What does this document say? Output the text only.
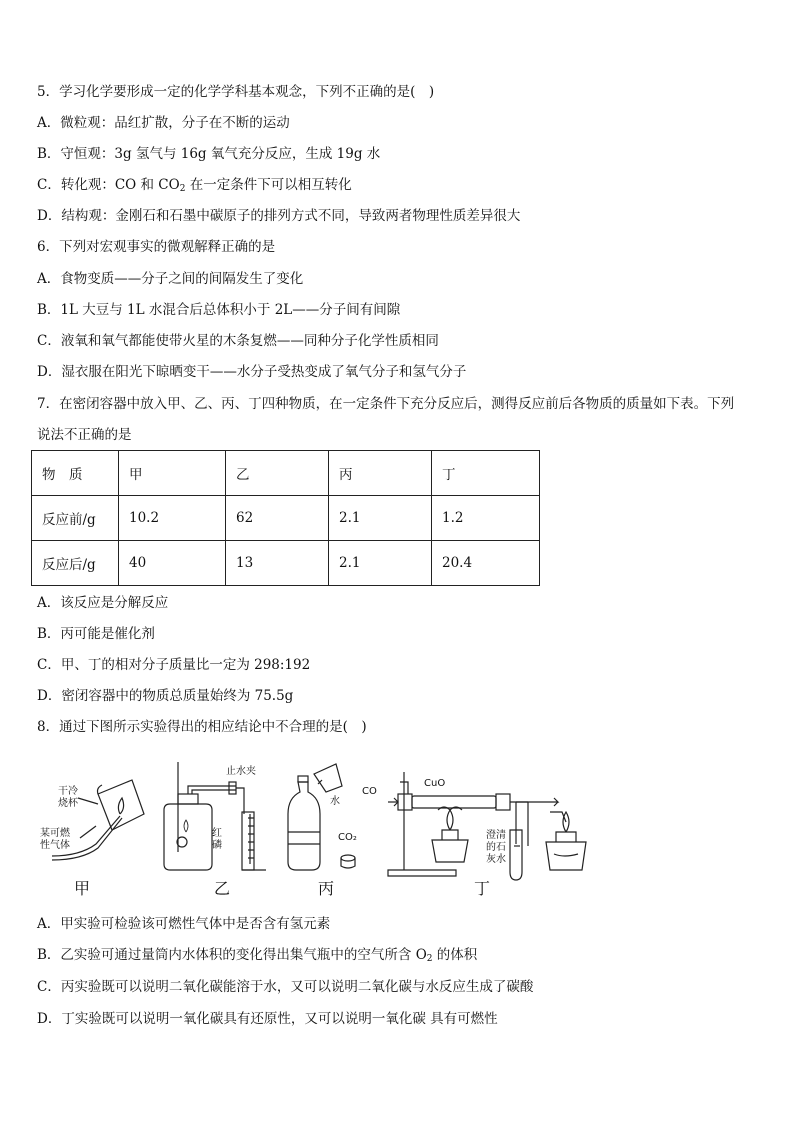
5．学习化学要形成一定的化学学科基本观念，下列不正确的是(　)
A．微粒观：品红扩散，分子在不断的运动
B．守恒观：3g 氢气与 16g 氧气充分反应，生成 19g 水
C．转化观：CO 和 $CO_2$ 在一定条件下可以相互转化
D．结构观：金刚石和石墨中碳原子的排列方式不同，导致两者物理性质差异很大
6．下列对宏观事实的微观解释正确的是
A．食物变质——分子之间的间隔发生了变化
B．1L 大豆与 1L 水混合后总体积小于 2L——分子间有间隙
C．液氧和氧气都能使带火星的木条复燃——同种分子化学性质相同
D．湿衣服在阳光下晾晒变干——水分子受热变成了氧气分子和氢气分子
7．在密闭容器中放入甲、乙、丙、丁四种物质，在一定条件下充分反应后，测得反应前后各物质的质量如下表。下列
说法不正确的是
物　质	甲	乙	丙	丁
反应前/g	10.2	62	2.1	1.2
反应后/g	40	13	2.1	20.4
A．该反应是分解反应
B．丙可能是催化剂
C．甲、丁的相对分子质量比一定为 298:192
D．密闭容器中的物质总质量始终为 75.5g
8．通过下图所示实验得出的相应结论中不合理的是(　)
干冷
烧杯
某可燃
性气体
止水夹
红
磷
水
CO₂
CO
CuO
澄清
的石
灰水
甲	乙	丙	丁
A．甲实验可检验该可燃性气体中是否含有氢元素
B．乙实验可通过量筒内水体积的变化得出集气瓶中的空气所含 $O_2$ 的体积
C．丙实验既可以说明二氧化碳能溶于水，又可以说明二氧化碳与水反应生成了碳酸
D．丁实验既可以说明一氧化碳具有还原性，又可以说明一氧化碳 具有可燃性
